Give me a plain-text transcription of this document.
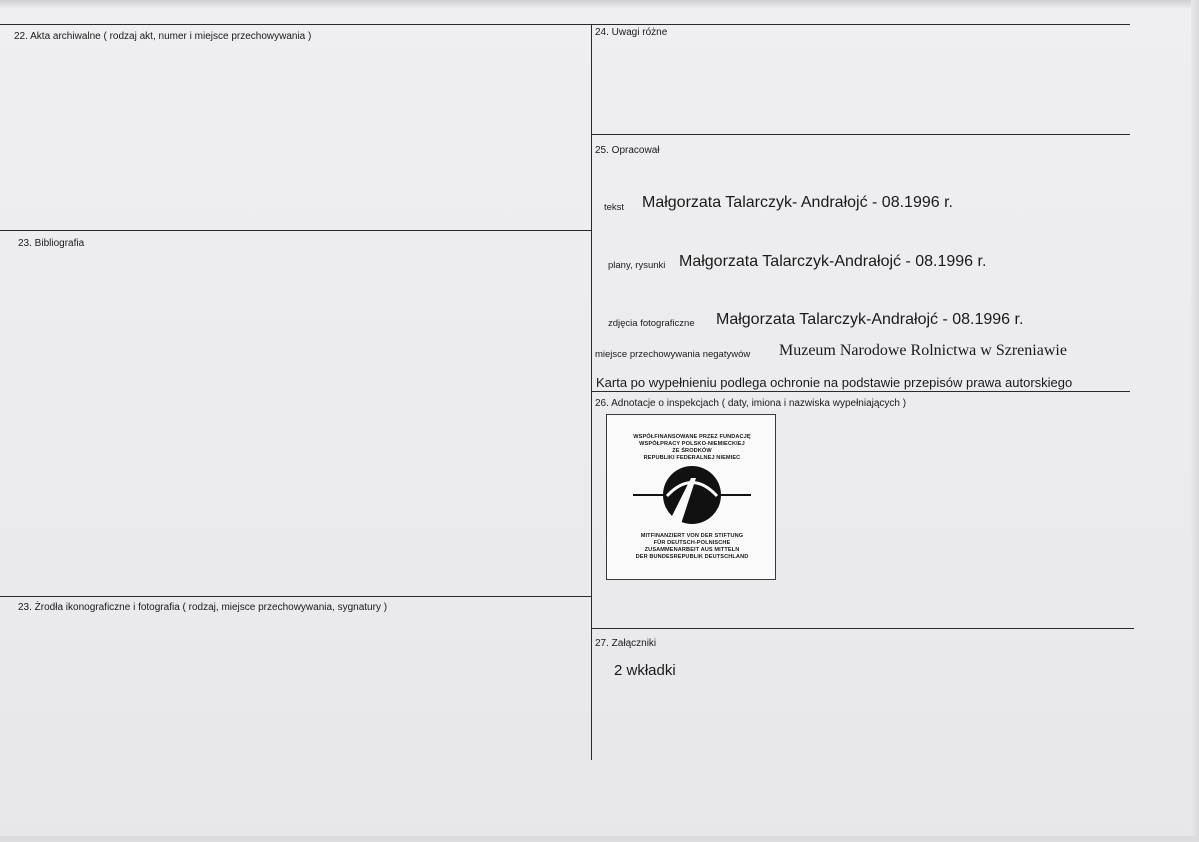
22. Akta archiwalne ( rodzaj akt, numer i miejsce przechowywania )	24. Uwagi różne
25. Opracował
23. Bibliografia
26. Adnotacje o inspekcjach ( daty, imiona i nazwiska wypełniających )
23. Żrodła ikonograficzne i fotografia ( rodzaj, miejsce przechowywania, sygnatury )
27. Załączniki
tekst Małgorzata Talarczyk- Andrałojć - 08.1996 r.
plany, rysunki Małgorzata Talarczyk-Andrałojć - 08.1996 r.
zdjęcia fotograficzne Małgorzata Talarczyk-Andrałojć - 08.1996 r.
miejsce przechowywania negatywów Muzeum Narodowe Rolnictwa w Szreniawie
Karta po wypełnieniu podlega ochronie na podstawie przepisów prawa autorskiego
WSPÓŁFINANSOWANE PRZEZ FUNDACJĘ
WSPÓŁPRACY POLSKO-NIEMIECKIEJ
ZE ŚRODKÓW
REPUBLIKI FEDERALNEJ NIEMIEC
MITFINANZIERT VON DER STIFTUNG
FÜR DEUTSCH-POLNISCHE
ZUSAMMENARBEIT AUS MITTELN
DER BUNDESREPUBLIK DEUTSCHLAND
2 wkładki
